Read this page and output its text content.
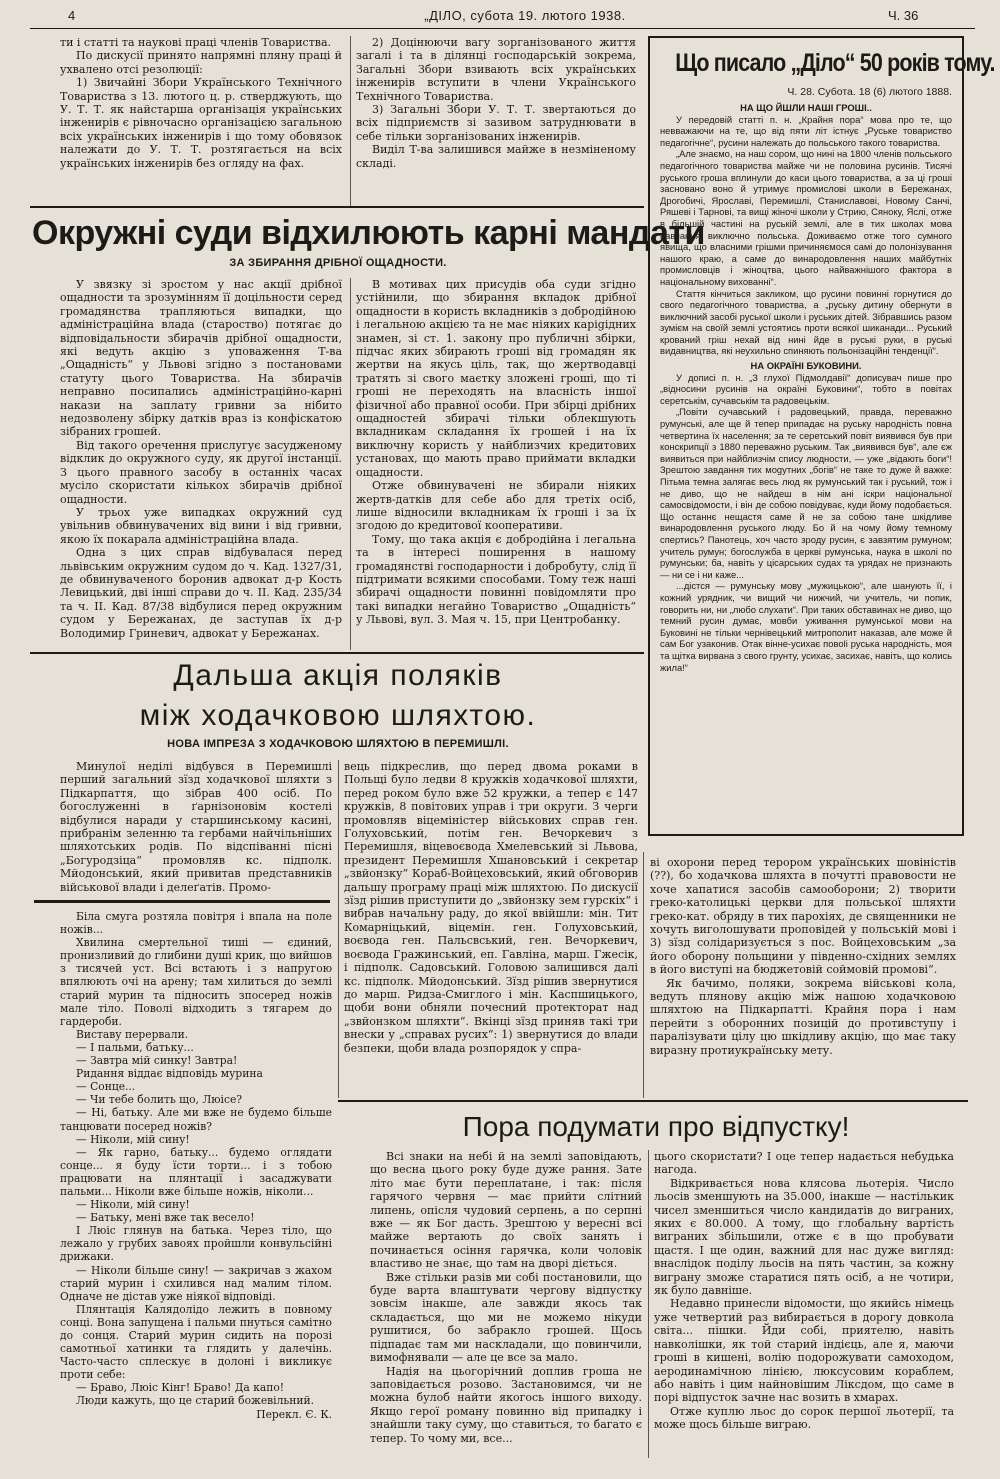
4	„ДІЛО, субота 19. лютого 1938.	Ч. 36

ти і статті та наукові праці членів Товариства.

По дискусії принято напрямні пляну праці й ухвалено отсі резолюції:

1) Звичайні Збори Українського Технічного Товариства з 13. лютого ц. р. стверджують, що У. Т. Т. як найстарша організація українських інженирів є рівночасно організацією загальною всіх українських інженирів і що тому обовязок належати до У. Т. Т. розтягається на всіх українських інженирів без огляду на фах.

2) Доцінюючи вагу зорганізованого життя загалі і та в ділянці господарській зокрема, Загальні Збори взивають всіх українських інженирів вступити в члени Українського Технічного Товариства.

3) Загальні Збори У. Т. Т. звертаються до всіх підприємств зі зазивом затруднювати в себе тільки зорганізованих інженирів.

Виділ Т-ва залишився майже в незміненому складі.

Окружні суди відхилюють карні мандати
ЗА ЗБИРАННЯ ДРІБНОЇ ОЩАДНОСТИ.

У звязку зі зростом у нас акції дрібної ощадности та зрозумінням її доцільности серед громадянства трапляються випадки, що адміністраційна влада (староство) потягає до відповідальности збирачів дрібної ощадности, які ведуть акцію з уповаження Т-ва „Ощадність“ у Львові згідно з постановами статуту цього Товариства. На збирачів неправно посипались адміністраційно-карні накази на заплату гривни за нібито недозволену збірку датків враз із конфіскатою зібраних грошей.

Від такого оречення прислугує засудженому відклик до окружного суду, як другої інстанції. З цього правного засобу в останніх часах мусіло скористати кількох збирачів дрібної ощадности.

У трьох уже випадках окружний суд увільнив обвинувачених від вини і від гривни, якою їх покарала адміністраційна влада.

Одна з цих справ відбувалася перед львівським окружним судом до ч. Кад. 1327/31, де обвинуваченого боронив адвокат д-р Кость Левицький, дві інші справи до ч. II. Кад. 235/34 та ч. II. Кад. 87/38 відбулися перед окружним судом у Бережанах, де заступав їх д-р Володимир Гриневич, адвокат у Бережанах.

В мотивах цих присудів оба суди згідно устійнили, що збирання вкладок дрібної ощадности в користь вкладників з добродійною і легальною акцією та не має ніяких карigідних знамен, зі ст. 1. закону про публичні збірки, підчас яких збирають гроші від громадян як жертви на якусь ціль, так, що жертводавці тратять зі свого маєтку зложені гроші, що ті гроші не переходять на власність іншої фізичної або правної особи. При збірці дрібних ощадностей збирачі тільки облекшують вкладникам складання їх грошей і на їх виключну користь у найблизчих кредитових установах, що мають право приймати вкладки ощадности.

Отже обвинувачені не збирали ніяких жертв-датків для себе або для третіх осіб, лише відносили вкладникам їх гроші і за їх згодою до кредитової кооперативи.

Тому, що така акція є добродійна і легальна та в інтересі поширення в нашому громадянстві господарности і добробуту, слід її підтримати всякими способами. Тому теж наші збирачі ощадности повинні повідомляти про такі випадки негайно Товариство „Ощадність“ у Львові, вул. 3. Мая ч. 15, при Центробанку.

Що писало „Діло“ 50 років тому.
Ч. 28. Субота. 18 (6) лютого 1888.

НА ЩО ЙШЛИ НАШІ ГРОШІ..

У передовій статті п. н. „Крайня пора“ мова про те, що невважаючи на те, що від пяти літ істнує „Руське товариство педагогічне“, русини належать до польського такого товариства.

„Але знаємо, на наш сором, що нині на 1800 членів польського педагогічного товариства майже чи не половина русинів. Тисячі руського гроша вплинули до каси цього товариства, а за ці гроші засновано воно й утримує промислові школи в Бережанах, Дрогобичі, Ярославі, Перемишлі, Станиславові, Новому Санчі, Ряшеві і Тарнові, та вищі жіночі школи у Стрию, Сяноку, Яслі, отже в більшій частині на руській землі, але в тих школах мова навчання виключно польська. Доживаємо отже того сумного явища, що власними грішми причиняємося самі до полонізування нашого краю, а саме до винародовлення наших майбутніх промисловців і жіноцтва, цього найважнішого фактора в національному вихованні“.

Стаття кінчиться закликом, що русини повинні горнутися до свого педагогічного товариства, а „руську дитину обернути в виключний засобі руської школи і руських дітей. Зібравшись разом зумієм на своїй землі устоятись проти всякої шиканади... Руський крований гріш нехай від нині йде в руські руки, в руські видавництва, які неухильно спиняють польонізаційні тенденції“.

НА ОКРАЇНІ БУКОВИНИ.

У дописі п. н. „З глухої Підмолдавії“ дописувач пише про „відносини русинів на окраїні Буковини“, тобто в повітах серетськім, сучавськім та радовецькім.

„Повіти сучавський і радовецький, правда, переважно румунські, але ще й тепер припадає на руську народність повна четвертина їх населення; за те серетський повіт виявився був при конскрипції з 1880 переважно руським. Так „виявився був“, але єж виявиться при найблизчім спису людности, — уже „відають боги“! Зрештою завдання тих моgутних „богів“ не таке то дуже й важке: Пітьма темна залягає весь люд як румунський так і руський, тож і не диво, що не найдеш в нім ані іскри національної самосвідомости, і він де собою повідуває, куди йому подобається. Що останнє нещастя саме й не за собою тане шкідливе винародовлення руського люду. Бо й на чому йому темному спертись? Панотець, хоч часто зроду русин, є завзятим румуном; учитель румун; богослужба в церкві румунська, наука в школі по румунськи; ба, навіть у цісарських судах та урядах не признають — ни се і ни каже...

...дістся — румунську мову „мужицькою“, але шанують її, і кожний урядник, чи вищий чи нижчий, чи учитель, чи попик, говорить ни, ни „любо слухати“. При таких обставинах не диво, що темний русин думає, мовби уживання румунської мови на Буковині не тільки чернівецький митрополит наказав, але може й сам Бог узаконив. Отак вінне-усихає повolі руська народність, моя та щітка вирвана з свого грунту, усихає, засихає, навіть, що колись жила!“

Дальша акція поляків
між ходачковою шляхтою.
НОВА ІМПРЕЗА З ХОДАЧКОВОЮ ШЛЯХТОЮ В ПЕРЕМИШЛІ.

Минулої неділі відбувся в Перемишлі перший загальний зїзд ходачкової шляхти з Підкарпаття, що зібрав 400 осіб. По богослуженні в ґарнізоновім костелі відбулися наради у старшинському касині, прибранім зеленню та гербами найчільніших шляхотських родів. По відспіванні пісні „Богуродзіца“ промовляв кс. підполк. Мйодонський, який привитав представників військової влади і делеґатів. Промо-

вець підкреслив, що перед двома роками в Польщі було ледви 8 кружків ходачкової шляхти, перед роком було вже 52 кружки, а тепер є 147 кружків, 8 повітових управ і три округи. З черги промовляв віцеміністер військових справ ген. Голуховський, потім ген. Вечоркевич з Перемишля, віцевоєвода Хмелевський зі Львова, президент Перемишля Хшановський і секретар „звйонзку“ Кораб-Войцеховський, який обговорив дальшу програму праці між шляхтою. По дискусії зїзд рішив приступити до „звйонзку зем гурскіх“ і вибрав начальну раду, до якої ввійшли: мін. Тит Комарніцький, віцемін. ген. Голуховський, воєвода ген. Пальсвський, ген. Вечоркевич, воєвода Гражинський, еп. Гавліна, марш. Гжесік, і підполк. Садовський. Головою залишився далі кс. підполк. Мйодонський. Зїзд рішив звернутися до марш. Ридза-Смиглого і мін. Каспшицького, щоби вони обняли почесний протекторат над „звйонзком шляхти“. Вкінці зїзд приняв такі три внески у „справах русих“: 1) звернутися до влади безпеки, щоби влада розпорядок у спра-

ві охорони перед терором українських шовіністів (??), бо ходачкова шляхта в почутті правовости не хоче хапатися засобів самооборони; 2) творити греко-католицькі церкви для польської шляхти греко-кат. обряду в тих парохіях, де священники не хочуть виголошувати проповідей у польській мові і 3) зїзд солідаризується з пос. Войцеховським „за його оборону польщини у південно-східних землях в його виступі на бюджетовій соймовій промові“.

Як бачимо, поляки, зокрема військові кола, ведуть плянову акцію між нашою ходачковою шляхтою на Підкарпатті. Крайня пора і нам перейти з оборонних позицій до противступу і паралізувати цілу цю шкідливу акцію, що має таку виразну протиукраїнську мету.

Біла смуга розтяла повітря і впала на поле ножів...

Хвилина смертельної тиші — єдиний, пронизливий до глибини душі крик, що вийшов з тисячей уст. Всі встають і з напругою впялюють очі на арену; там хилиться до землі старий мурин та підносить зпосеред ножів мале тіло. Поволі відходить з тягарем до гардероби.

Виставу перервали.

— І пальми, батьку...

— Завтра мій синку! Завтра!

Ридання віддає відповідь мурина

— Сонце...

— Чи тебе болить що, Люісе?

— Ні, батьку. Але ми вже не будемо більше танцювати посеред ножів?

— Ніколи, мій сину!

— Як гарно, батьку... будемо оглядати сонце... я буду їсти торти... і з тобою працювати на плянтації і засаджувати пальми... Ніколи вже більше ножів, ніколи...

— Ніколи, мій сину!

— Батьку, мені вже так весело!

І Люіс глянув на батька. Через тіло, що лежало у грубих завоях пройшли конвульсійні дрижаки.

— Ніколи більше сину! — закричав з жахом старий мурин і схилився над малим тілом. Одначе не дістав уже ніякої відповіді.

Плянтація Калядолідо лежить в повному сонці. Вона запущена і пальми пнуться самітно до сонця. Старий мурин сидить на порозі самотньої хатинки та глядить у далечінь. Часто-часто сплескує в долоні і викликує проти себе:

— Браво, Люіс Кінг! Браво! Да капо!

Люди кажуть, що це старий божевільний.

Перекл. Є. К.

Пора подумати про відпустку!

Всі знаки на небі й на землі заповідають, що весна цього року буде дуже рання. Зате літо має бути переплатане, і так: після гарячого червня — має прийти слітний липень, опісля чудовий серпень, а по серпні вже — як Бог дасть. Зрештою у вересні всі майже вертають до своїх занять і починається осіння гарячка, коли чоловік властиво не знає, що там на дворі діється.

Вже стільки разів ми собі постановили, що буде варта влаштувати чергову відпустку зовсім інакше, але завжди якось так складається, що ми не можемо нікуди рушитися, бо забракло грошей. Щось підпадає там ми насклaдали, що повинчили, вимофнявали — але це все за мало.

Надія на цьогорічний доплив гроша не заповідається розово. Застановимся, чи не можна булоб найти якогось іншого виходу. Якщо герої роману повинно від припадку і знайшли таку суму, що ставиться, то багато є тепер. То чому ми, все...

цього скористати? І оце тепер надається небудька нагода.

Відкривається нова клясова льотерія. Число льосів зменшують на 35.000, інакше — настількик чисел зменшиться число кандидатів до виграних, яких є 80.000. А тому, що глобальну вартість виграних збільшили, отже є в що пробувати щастя. І ще один, важний для нас дуже вигляд: внаслідок поділу льосів на пять частин, за кожну виграну зможе старатися пять осіб, а не чотири, як було давніше.

Недавно принесли відомости, що якийсь німець уже четвертий раз вибирається в дорогу довкола світа... пішки. Йди собі, приятелю, навіть навколішки, як той старий індієць, але я, маючи гроші в кишені, волію подорожувати самоходом, аеродинамічною лінією, люксусовим кораблем, або навіть і цим найновішим Ліксдом, що саме в порі відпусток зачне нас возить в хмарах.

Отже куплю льос до сорок першої льотерії, та може щось більше виграю.
